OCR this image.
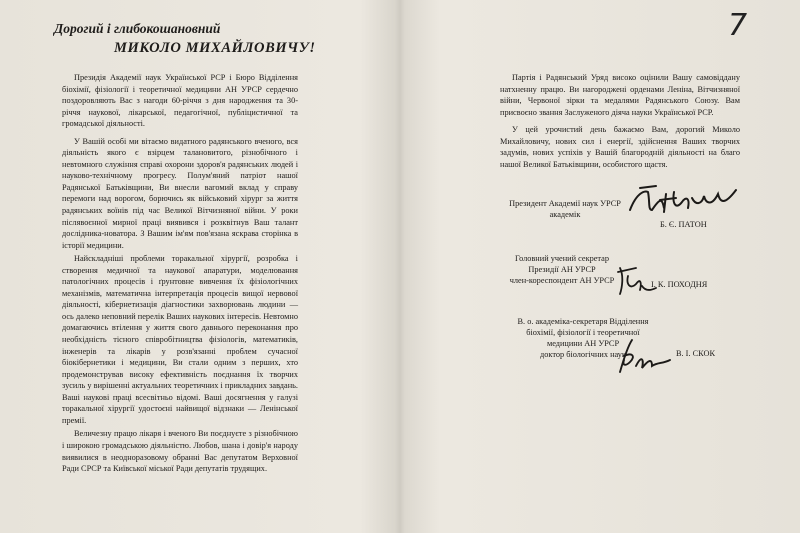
7
Дорогий і глибокошановний
МИКОЛО МИХАЙЛОВИЧУ!

Президія Академії наук Української РСР і Бюро Відділення біохімії, фізіології і теоретичної медицини АН УРСР сердечно поздоровляють Вас з нагоди 60-річчя з дня народження та 30-річчя наукової, лікарської, педагогічної, публіцистичної та громадської діяльності.

У Вашій особі ми вітаємо видатного радянського вченого, вся діяльність якого є взірцем талановитого, різнобічного і невтомного служіння справі охорони здоров'я радянських людей і науково-технічному прогресу. Полум'яний патріот нашої Радянської Батьківщини, Ви внесли вагомий вклад у справу перемоги над ворогом, борючись як військовий хірург за життя радянських воїнів під час Великої Вітчизняної війни. У роки післявоєнної мирної праці виявився і розквітнув Ваш талант дослідника-новатора. З Вашим ім'ям пов'язана яскрава сторінка в історії медицини.

Найскладніші проблеми торакальної хірургії, розробка і створення медичної та наукової апаратури, моделювання патологічних процесів і ґрунтовне вивчення їх фізіологічних механізмів, математична інтерпретація процесів вищої нервової діяльності, кібернетизація діагностики захворювань людини — ось далеко неповний перелік Ваших наукових інтересів. Невтомно домагаючись втілення у життя свого давнього переконання про необхідність тісного співробітництва фізіологів, математиків, інженерів та лікарів у розв'язанні проблем сучасної біокібернетики і медицини, Ви стали одним з перших, хто продемонстрував високу ефективність поєднання їх творчих зусиль у вирішенні актуальних теоретичних і прикладних завдань. Ваші наукові праці всесвітньо відомі. Ваші досягнення у галузі торакальної хірургії удостоєні найвищої відзнаки — Ленінської премії.

Величезну працю лікаря і вченого Ви поєднуєте з різнобічною і широкою громадською діяльністю. Любов, шана і довір'я народу виявилися в неодноразовому обранні Вас депутатом Верховної Ради СРСР та Київської міської Ради депутатів трудящих.

Партія і Радянський Уряд високо оцінили Вашу самовіддану натхненну працю. Ви нагороджені орденами Леніна, Вітчизняної війни, Червоної зірки та медалями Радянського Союзу. Вам присвоєно звання Заслуженого діяча науки Української РСР.

У цей урочистий день бажаємо Вам, дорогий Миколо Михайловичу, нових сил і енергії, здійснення Ваших творчих задумів, нових успіхів у Вашій благородній діяльності на благо нашої Великої Батьківщини, особистого щастя.

Президент Академії наук УРСР
академік
Б. Є. ПАТОН
Головний учений секретар
Президії АН УРСР
член-кореспондент АН УРСР	І. К. ПОХОДНЯ
В. о. академіка-секретаря Відділення
біохімії, фізіології і теоретичної
медицини АН УРСР
доктор біологічних наук	В. І. СКОК
